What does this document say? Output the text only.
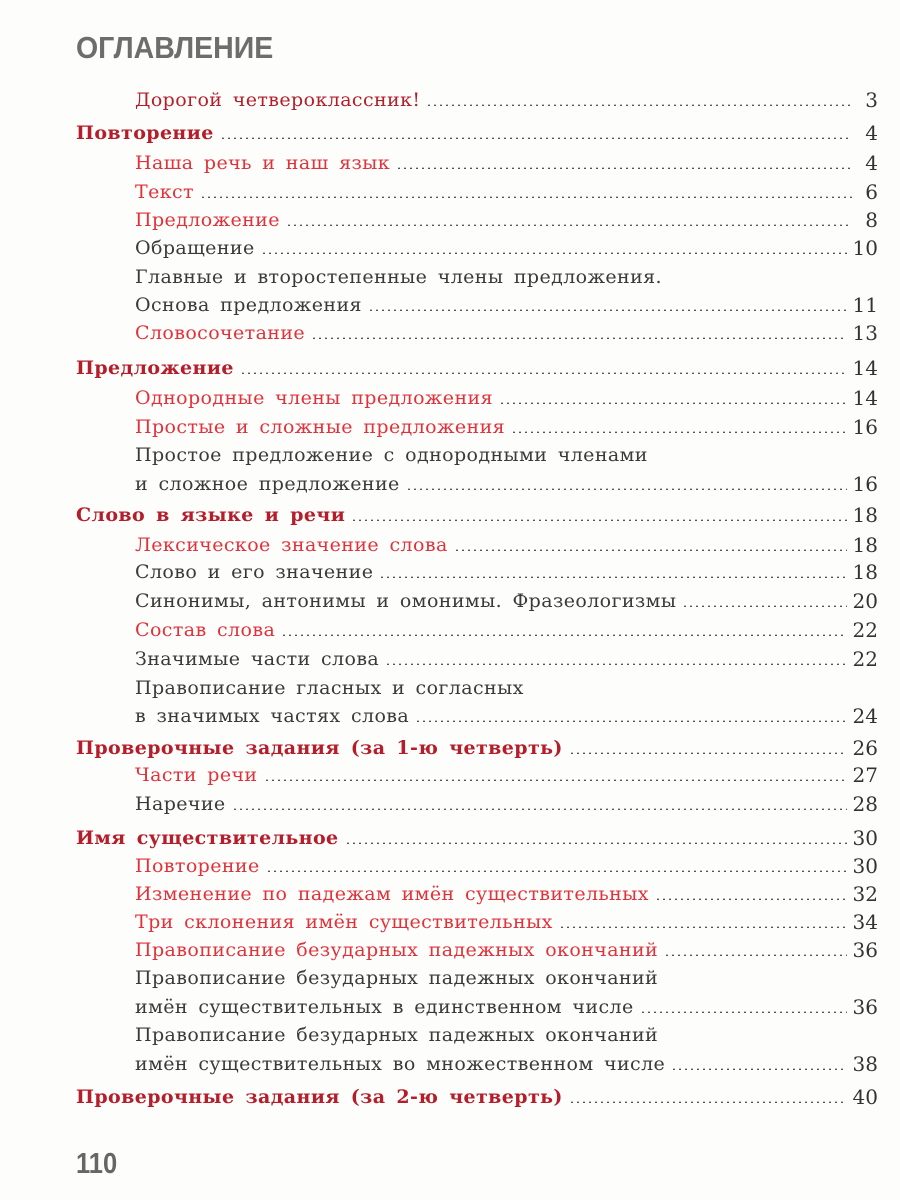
ОГЛАВЛЕНИЕ
Дорогой четвероклассник!	3
Повторение	4
Наша речь и наш язык	4
Текст	6
Предложение	8
Обращение	10
Главные и второстепенные члены предложения.
Основа предложения	11
Словосочетание	13
Предложение	14
Однородные члены предложения	14
Простые и сложные предложения	16
Простое предложение с однородными членами
и сложное предложение	16
Слово в языке и речи	18
Лексическое значение слова	18
Слово и его значение	18
Синонимы, антонимы и омонимы. Фразеологизмы	20
Состав слова	22
Значимые части слова	22
Правописание гласных и согласных
в значимых частях слова	24
Проверочные задания (за 1-ю четверть)	26
Части речи	27
Наречие	28
Имя существительное	30
Повторение	30
Изменение по падежам имён существительных	32
Три склонения имён существительных	34
Правописание безударных падежных окончаний	36
Правописание безударных падежных окончаний
имён существительных в единственном числе	36
Правописание безударных падежных окончаний
имён существительных во множественном числе	38
Проверочные задания (за 2-ю четверть)	40
110
